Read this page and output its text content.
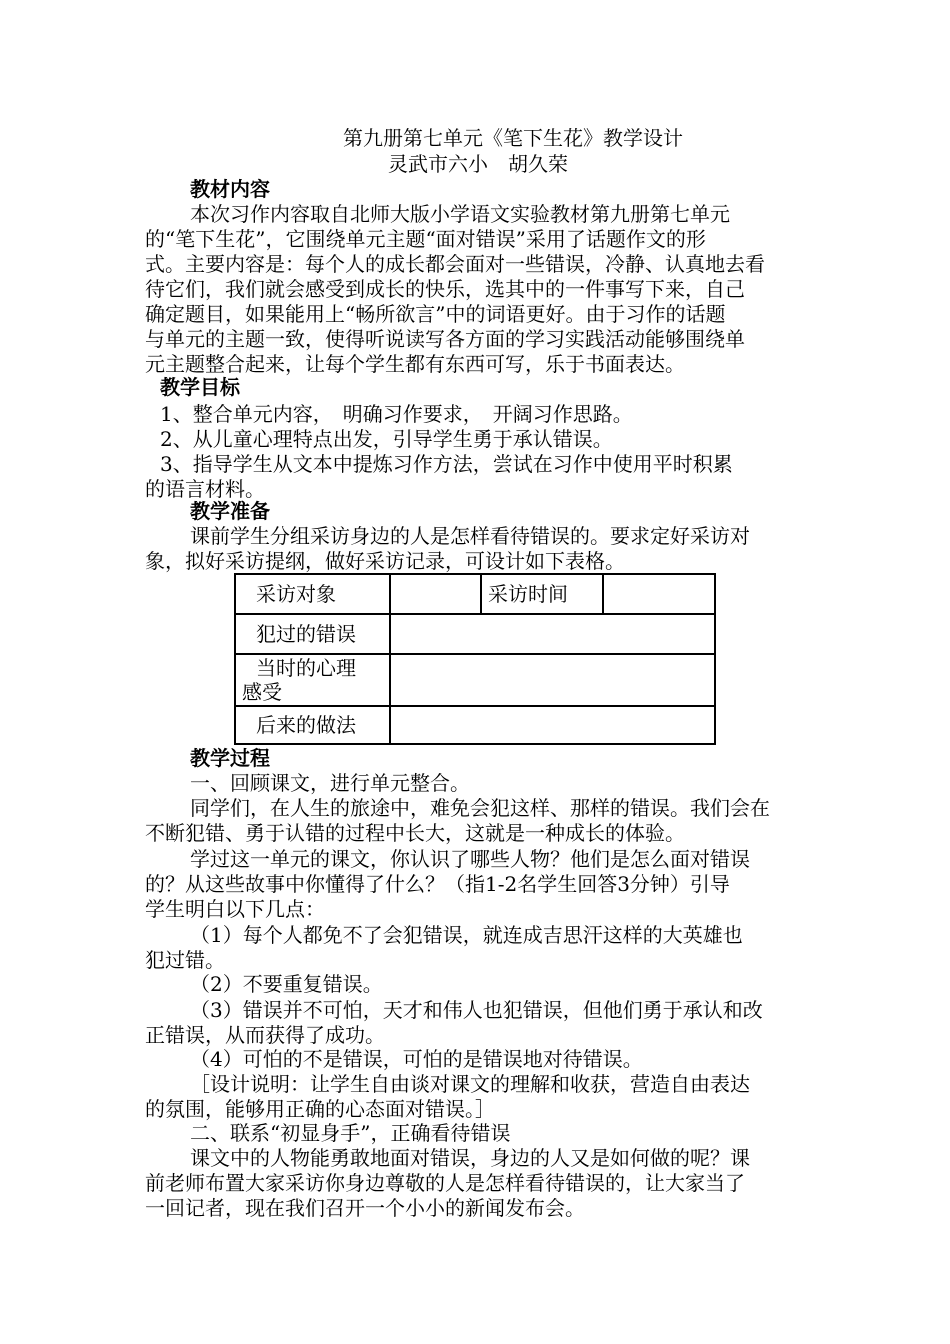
第九册第七单元《笔下生花》教学设计
灵武市六小　胡久荣
教材内容
本次习作内容取自北师大版小学语文实验教材第九册第七单元
的“笔下生花”，它围绕单元主题“面对错误”采用了话题作文的形
式。主要内容是：每个人的成长都会面对一些错误，冷静、认真地去看
待它们，我们就会感受到成长的快乐，选其中的一件事写下来，自己
确定题目，如果能用上“畅所欲言”中的词语更好。由于习作的话题
与单元的主题一致，使得听说读写各方面的学习实践活动能够围绕单
元主题整合起来，让每个学生都有东西可写，乐于书面表达。
教学目标
1、整合单元内容，　明确习作要求，　开阔习作思路。
2、从儿童心理特点出发，引导学生勇于承认错误。
3、指导学生从文本中提炼习作方法，尝试在习作中使用平时积累
的语言材料。
教学准备
课前学生分组采访身边的人是怎样看待错误的。要求定好采访对
象，拟好采访提纲，做好采访记录，可设计如下表格。
采访对象		采访时间	
犯过的错误			

当时的心理
感受			

后来的做法			
教学过程
一、回顾课文，进行单元整合。
同学们，在人生的旅途中，难免会犯这样、那样的错误。我们会在
不断犯错、勇于认错的过程中长大，这就是一种成长的体验。
学过这一单元的课文，你认识了哪些人物？他们是怎么面对错误
的？从这些故事中你懂得了什么？（指1-2名学生回答3分钟）引导
学生明白以下几点：
（1）每个人都免不了会犯错误，就连成吉思汗这样的大英雄也
犯过错。
（2）不要重复错误。
（3）错误并不可怕，天才和伟人也犯错误，但他们勇于承认和改
正错误，从而获得了成功。
（4）可怕的不是错误，可怕的是错误地对待错误。
［设计说明：让学生自由谈对课文的理解和收获，营造自由表达
的氛围，能够用正确的心态面对错误。］
二、联系“初显身手”，正确看待错误
课文中的人物能勇敢地面对错误，身边的人又是如何做的呢？课
前老师布置大家采访你身边尊敬的人是怎样看待错误的，让大家当了
一回记者，现在我们召开一个小小的新闻发布会。
